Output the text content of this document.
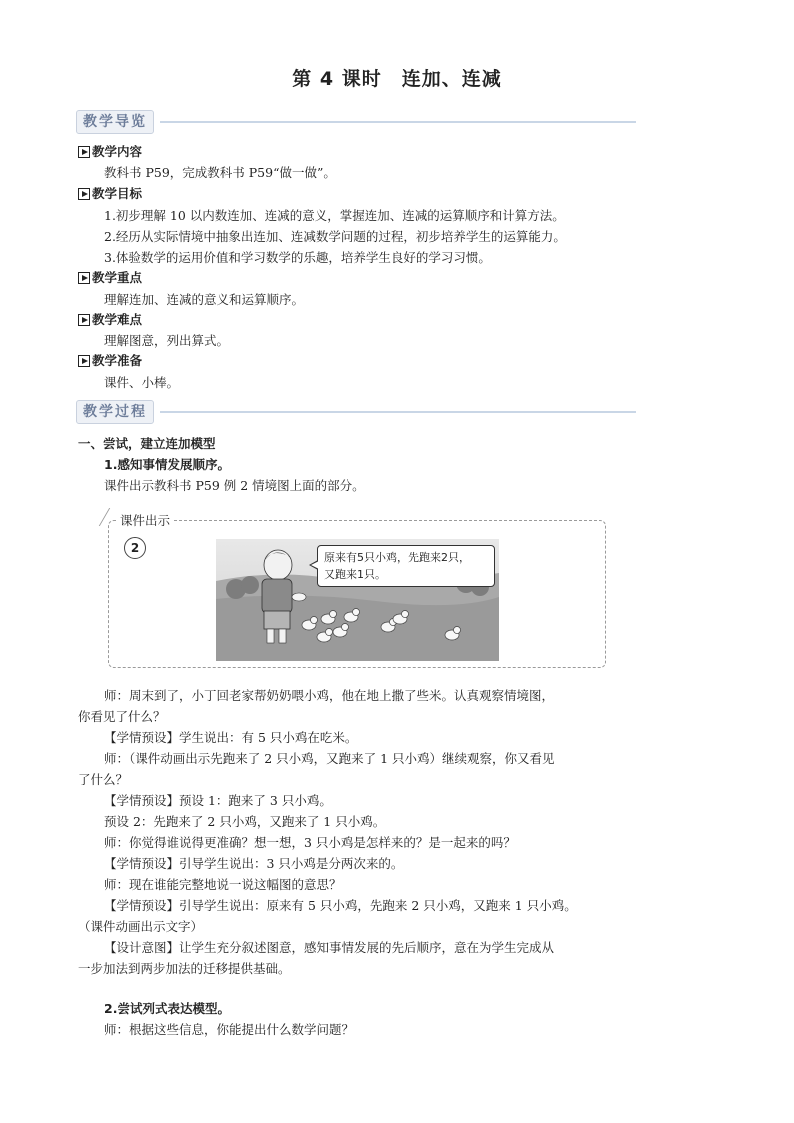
第 4 课时　连加、连减
教学导览
教学内容
教科书 P59，完成教科书 P59“做一做”。
教学目标
1.初步理解 10 以内数连加、连减的意义，掌握连加、连减的运算顺序和计算方法。
2.经历从实际情境中抽象出连加、连减数学问题的过程，初步培养学生的运算能力。
3.体验数学的运用价值和学习数学的乐趣，培养学生良好的学习习惯。
教学重点
理解连加、连减的意义和运算顺序。
教学难点
理解图意，列出算式。
教学准备
课件、小棒。
教学过程
一、尝试，建立连加模型
1.感知事情发展顺序。
课件出示教科书 P59 例 2 情境图上面的部分。
课件出示
2
原来有5只小鸡，先跑来2只，
又跑来1只。
师：周末到了，小丁回老家帮奶奶喂小鸡，他在地上撒了些米。认真观察情境图，
你看见了什么？
【学情预设】学生说出：有 5 只小鸡在吃米。
师：（课件动画出示先跑来了 2 只小鸡，又跑来了 1 只小鸡）继续观察，你又看见
了什么？
【学情预设】预设 1：跑来了 3 只小鸡。
预设 2：先跑来了 2 只小鸡，又跑来了 1 只小鸡。
师：你觉得谁说得更准确？想一想，3 只小鸡是怎样来的？是一起来的吗？
【学情预设】引导学生说出：3 只小鸡是分两次来的。
师：现在谁能完整地说一说这幅图的意思？
【学情预设】引导学生说出：原来有 5 只小鸡，先跑来 2 只小鸡，又跑来 1 只小鸡。
（课件动画出示文字）
【设计意图】让学生充分叙述图意，感知事情发展的先后顺序，意在为学生完成从
一步加法到两步加法的迁移提供基础。
2.尝试列式表达模型。
师：根据这些信息，你能提出什么数学问题？
